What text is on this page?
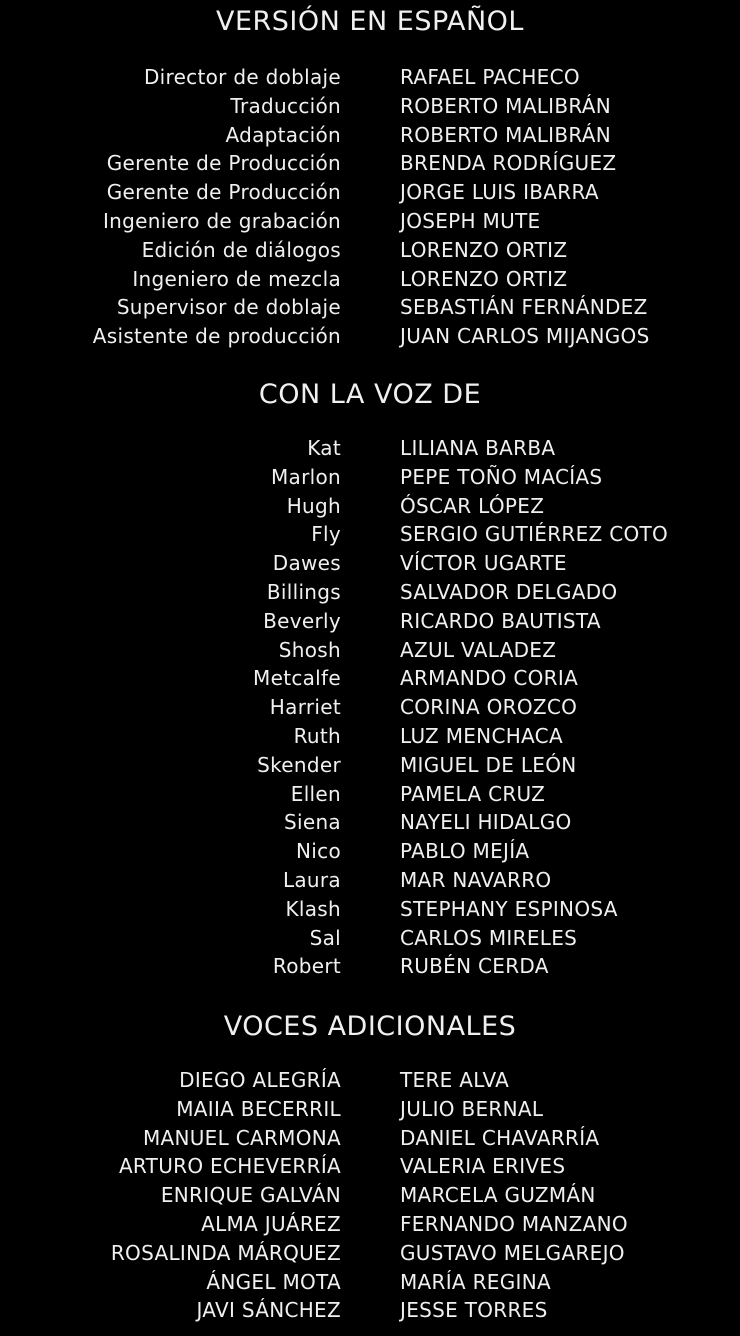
VERSIÓN EN ESPAÑOL
Director de doblaje	RAFAEL PACHECO
Traducción	ROBERTO MALIBRÁN
Adaptación	ROBERTO MALIBRÁN
Gerente de Producción	BRENDA RODRÍGUEZ
Gerente de Producción	JORGE LUIS IBARRA
Ingeniero de grabación	JOSEPH MUTE
Edición de diálogos	LORENZO ORTIZ
Ingeniero de mezcla	LORENZO ORTIZ
Supervisor de doblaje	SEBASTIÁN FERNÁNDEZ
Asistente de producción	JUAN CARLOS MIJANGOS
CON LA VOZ DE
Kat	LILIANA BARBA
Marlon	PEPE TOÑO MACÍAS
Hugh	ÓSCAR LÓPEZ
Fly	SERGIO GUTIÉRREZ COTO
Dawes	VÍCTOR UGARTE
Billings	SALVADOR DELGADO
Beverly	RICARDO BAUTISTA
Shosh	AZUL VALADEZ
Metcalfe	ARMANDO CORIA
Harriet	CORINA OROZCO
Ruth	LUZ MENCHACA
Skender	MIGUEL DE LEÓN
Ellen	PAMELA CRUZ
Siena	NAYELI HIDALGO
Nico	PABLO MEJÍA
Laura	MAR NAVARRO
Klash	STEPHANY ESPINOSA
Sal	CARLOS MIRELES
Robert	RUBÉN CERDA
VOCES ADICIONALES
DIEGO ALEGRÍA	TERE ALVA
MAIIA BECERRIL	JULIO BERNAL
MANUEL CARMONA	DANIEL CHAVARRÍA
ARTURO ECHEVERRÍA	VALERIA ERIVES
ENRIQUE GALVÁN	MARCELA GUZMÁN
ALMA JUÁREZ	FERNANDO MANZANO
ROSALINDA MÁRQUEZ	GUSTAVO MELGAREJO
ÁNGEL MOTA	MARÍA REGINA
JAVI SÁNCHEZ	JESSE TORRES
